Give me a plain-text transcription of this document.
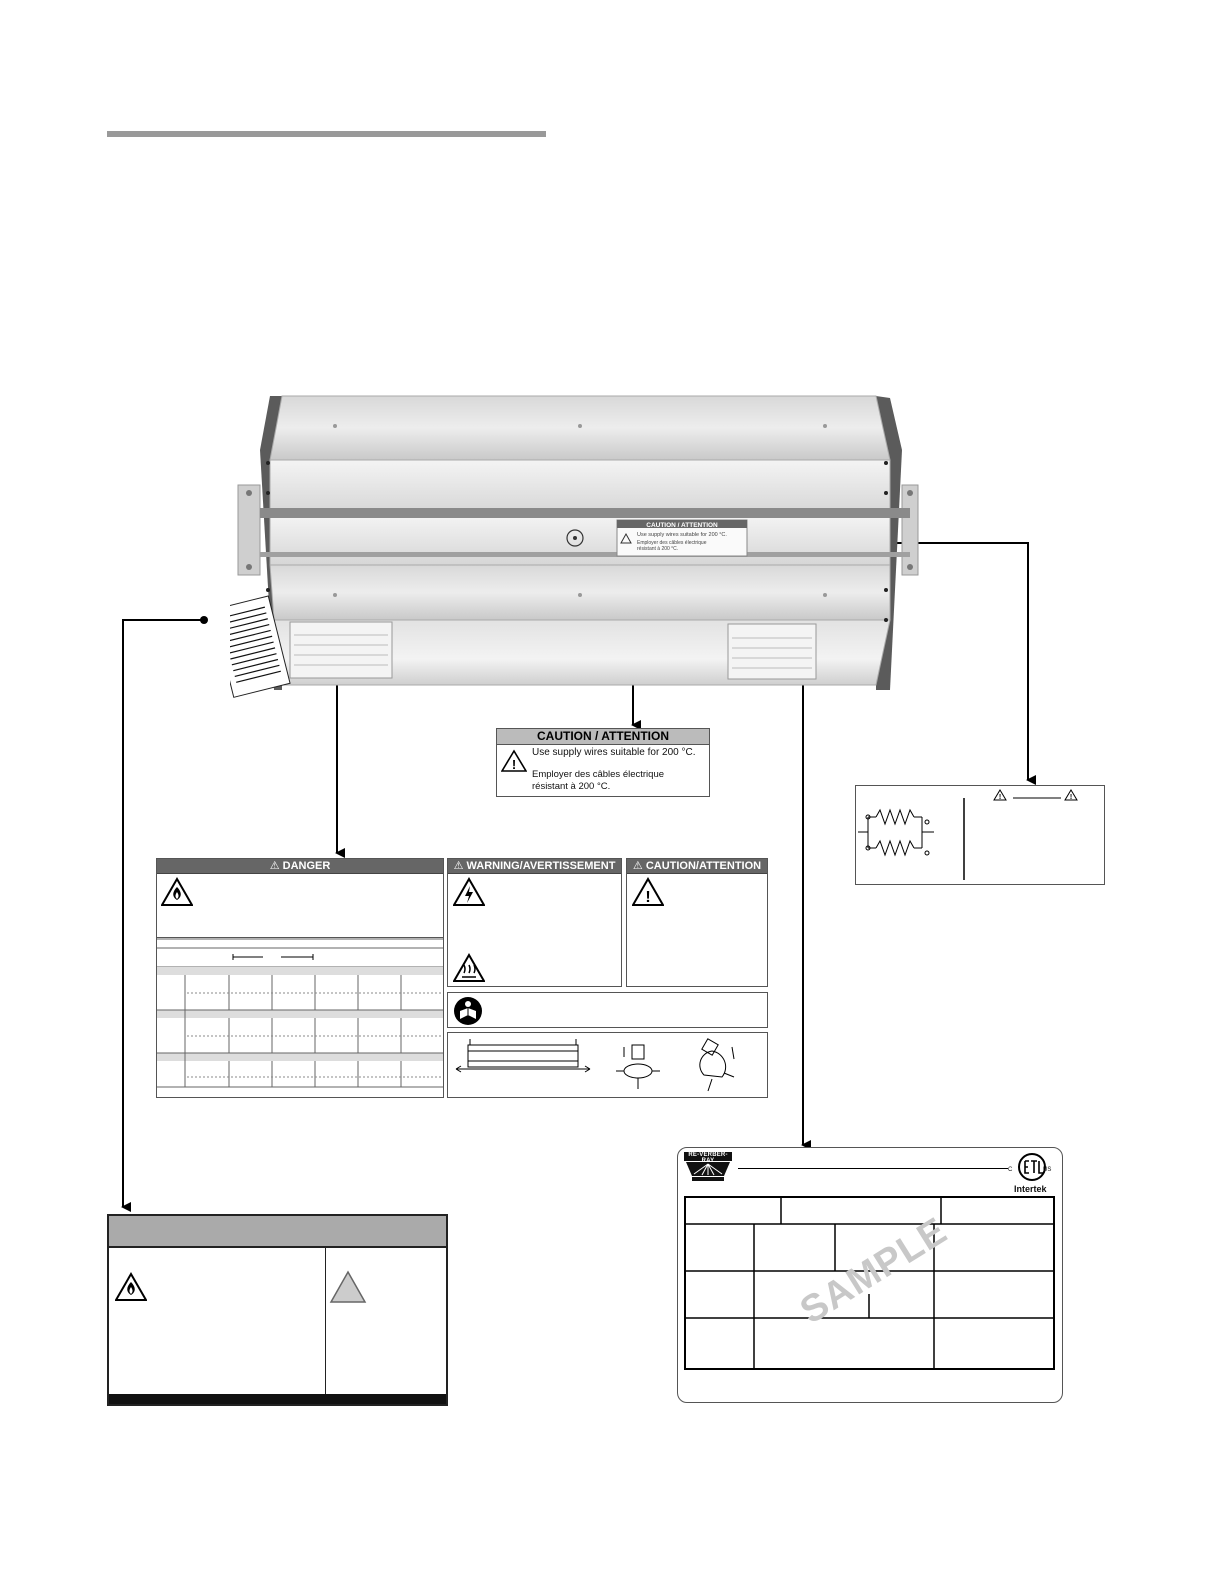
CAUTION / ATTENTION
Use supply wires suitable for 200 °C.
Employer des câbles électrique
résistant à 200 °C.
CAUTION / ATTENTION
!
Use supply wires suitable for 200 °C.
Employer des câbles électrique
résistant à 200 °C.
!	!
⚠ DANGER	⚠ WARNING/AVERTISSEMENT	⚠ CAUTION/ATTENTION
!
RE-VERBER-RAY
C	US
Intertek
SAMPLE
